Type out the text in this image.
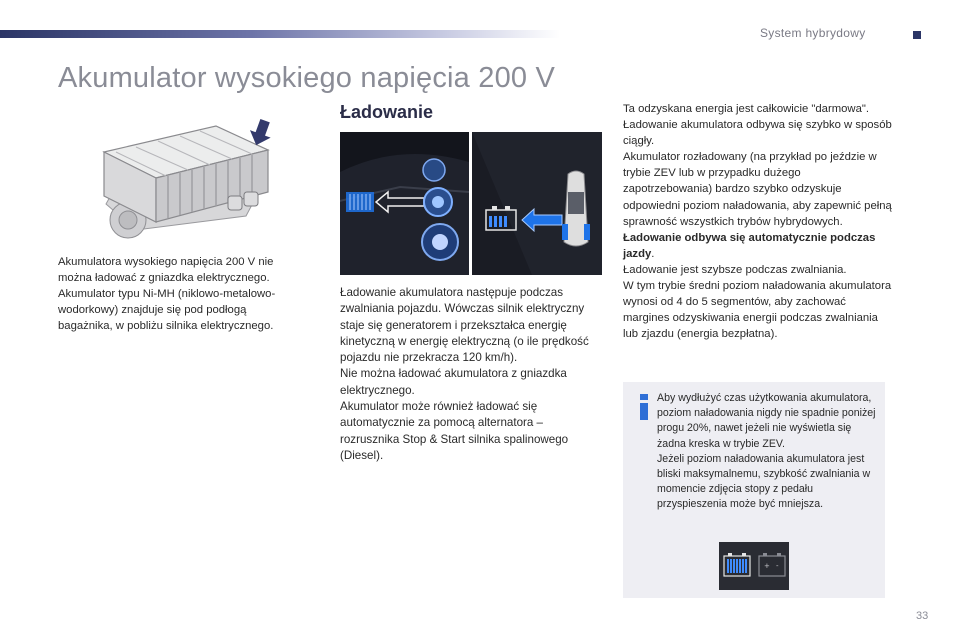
System hybrydowy
Akumulator wysokiego napięcia 200 V

Akumulatora wysokiego napięcia 200 V nie można ładować z gniazdka elektrycznego.

Akumulator typu Ni-MH (niklowo-metalowo-wodorkowy) znajduje się pod podłogą bagażnika, w pobliżu silnika elektrycznego.

Ładowanie

Ładowanie akumulatora następuje podczas zwalniania pojazdu. Wówczas silnik elektryczny staje się generatorem i przekształca energię kinetyczną w energię elektryczną (o ile prędkość pojazdu nie przekracza 120 km/h).

Nie można ładować akumulatora z gniazdka elektrycznego.

Akumulator może również ładować się automatycznie za pomocą alternatora – rozrusznika Stop & Start silnika spalinowego (Diesel).

Ta odzyskana energia jest całkowicie "darmowa". Ładowanie akumulatora odbywa się szybko w sposób ciągły.

Akumulator rozładowany (na przykład po jeździe w trybie ZEV lub w przypadku dużego zapotrzebowania) bardzo szybko odzyskuje odpowiedni poziom naładowania, aby zapewnić pełną sprawność wszystkich trybów hybrydowych.

Ładowanie odbywa się automatycznie podczas jazdy.

Ładowanie jest szybsze podczas zwalniania.

W tym trybie średni poziom naładowania akumulatora wynosi od 4 do 5 segmentów, aby zachować margines odzyskiwania energii podczas zwalniania lub zjazdu (energia bezpłatna).

Aby wydłużyć czas użytkowania akumulatora, poziom naładowania nigdy nie spadnie poniżej progu 20%, nawet jeżeli nie wyświetla się żadna kreska w trybie ZEV.

Jeżeli poziom naładowania akumulatora jest bliski maksymalnemu, szybkość zwalniania w momencie zdjęcia stopy z pedału przyspieszenia może być mniejsza.

+ -
33
